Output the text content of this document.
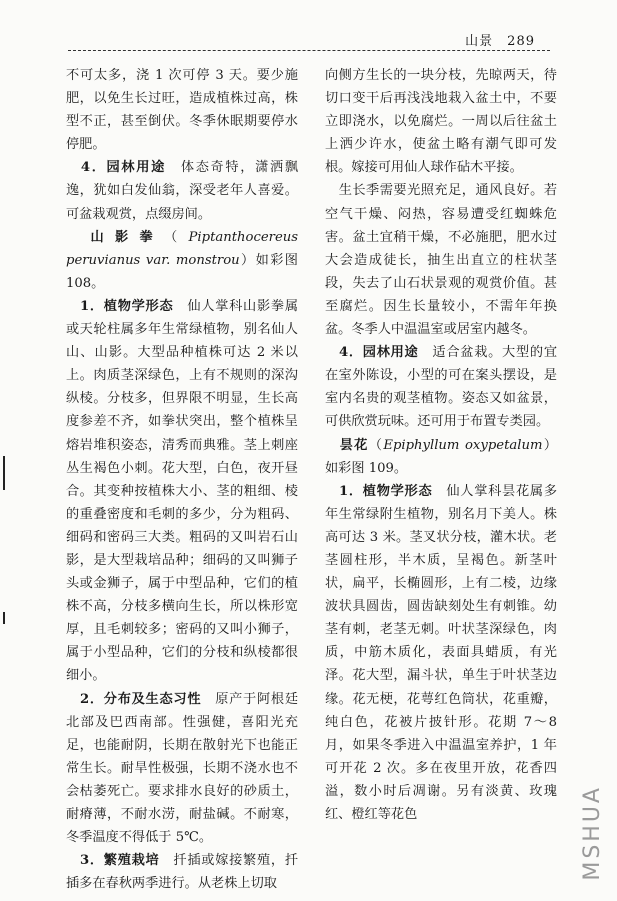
山景 289

不可太多，浇 1 次可停 3 天。要少施肥，以免生长过旺，造成植株过高，株型不正，甚至倒伏。冬季休眠期要停水停肥。

　4．园林用途　 体态奇特，潇洒飘逸，犹如白发仙翁，深受老年人喜爱。可盆栽观赏，点缀房间。

　山影拳（Piptanthocereus peruvianus var. monstrou）如彩图 108。

　1．植物学形态　 仙人掌科山影拳属或天轮柱属多年生常绿植物，别名仙人山、山影。大型品种植株可达 2 米以上。肉质茎深绿色，上有不规则的深沟纵棱。分枝多，但界限不明显，生长高度参差不齐，如拳状突出，整个植株呈熔岩堆积姿态，清秀而典雅。茎上刺座丛生褐色小刺。花大型，白色，夜开昼合。其变种按植株大小、茎的粗细、棱的重叠密度和毛刺的多少，分为粗码、细码和密码三大类。粗码的又叫岩石山影，是大型栽培品种；细码的又叫狮子头或金狮子，属于中型品种，它们的植株不高，分枝多横向生长，所以株形宽厚，且毛刺较多；密码的又叫小狮子，属于小型品种，它们的分枝和纵棱都很细小。

　2．分布及生态习性　 原产于阿根廷北部及巴西南部。性强健，喜阳光充足，也能耐阴，长期在散射光下也能正常生长。耐旱性极强，长期不浇水也不会枯萎死亡。要求排水良好的砂质土，耐瘠薄，不耐水涝，耐盐碱。不耐寒，冬季温度不得低于 5℃。

　3．繁殖栽培　 扦插或嫁接繁殖，扦插多在春秋两季进行。从老株上切取

向侧方生长的一块分枝，先晾两天，待切口变干后再浅浅地栽入盆土中，不要立即浇水，以免腐烂。一周以后往盆土上洒少许水，使盆土略有潮气即可发根。嫁接可用仙人球作砧木平接。

　生长季需要光照充足，通风良好。若空气干燥、闷热，容易遭受红蜘蛛危害。盆土宜稍干燥，不必施肥，肥水过大会造成徒长，抽生出直立的柱状茎段，失去了山石状景观的观赏价值。甚至腐烂。因生长量较小，不需年年换盆。冬季人中温温室或居室内越冬。

　4．园林用途　 适合盆栽。大型的宜在室外陈设，小型的可在案头摆设，是室内名贵的观茎植物。姿态又如盆景，可供欣赏玩味。还可用于布置专类园。

　昙花（Epiphyllum oxypetalum）如彩图 109。

　1．植物学形态　 仙人掌科昙花属多年生常绿附生植物，别名月下美人。株高可达 3 米。茎叉状分枝，灌木状。老茎圆柱形，半木质，呈褐色。新茎叶状，扁平，长椭圆形，上有二棱，边缘波状具圆齿，圆齿缺刻处生有刺锥。幼茎有刺，老茎无刺。叶状茎深绿色，肉质，中筋木质化，表面具蜡质，有光泽。花大型，漏斗状，单生于叶状茎边缘。花无梗，花萼红色筒状，花重瓣，纯白色，花被片披针形。花期 7～8 月，如果冬季进入中温温室养护，1 年可开花 2 次。多在夜里开放，花香四溢，数小时后凋谢。另有淡黄、玫瑰红、橙红等花色	MSHUA
